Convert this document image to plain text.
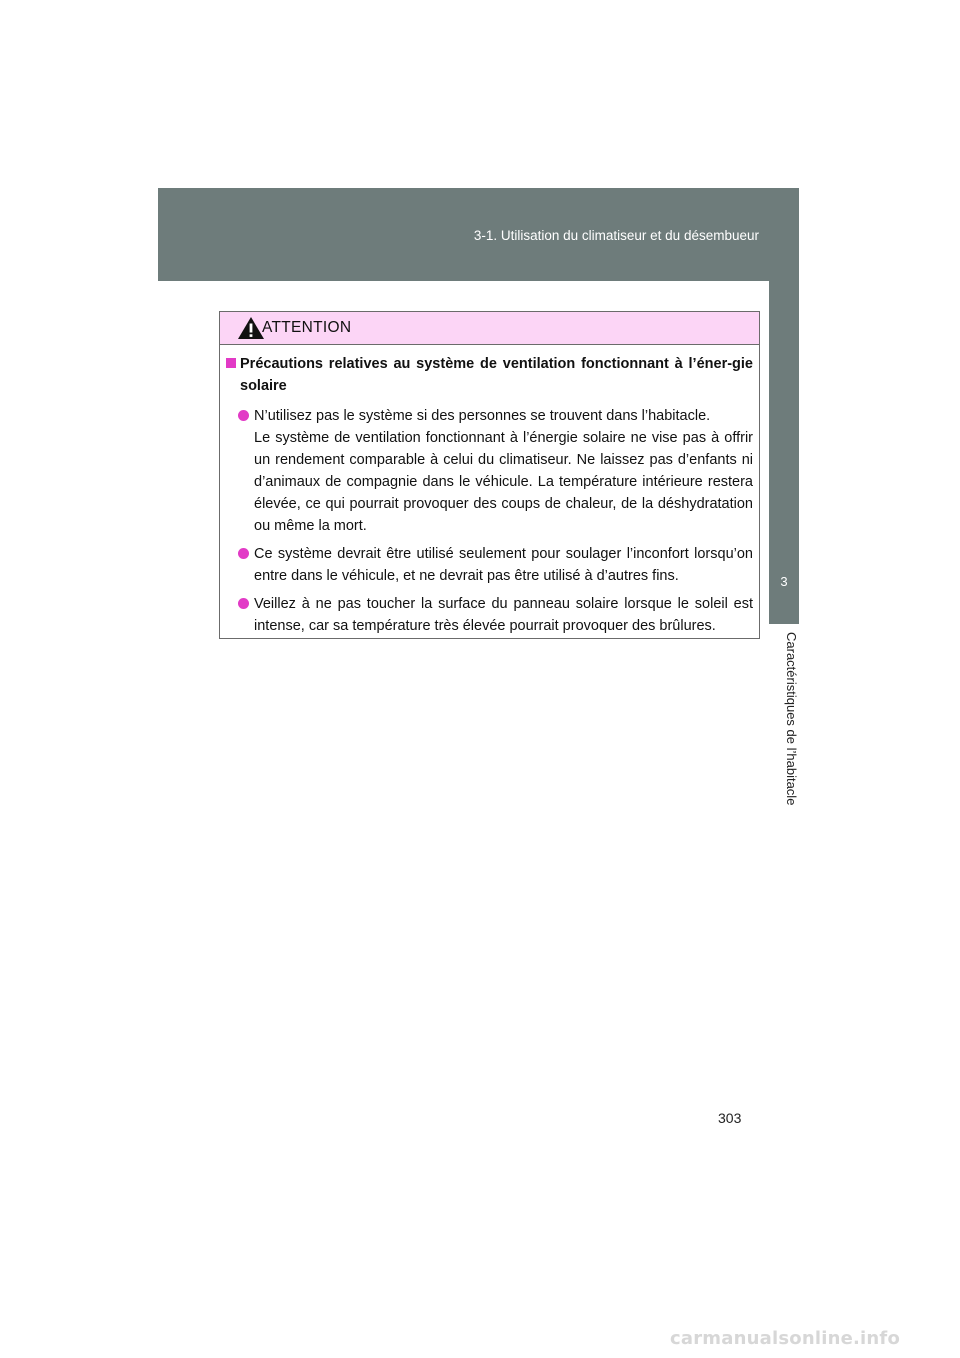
3-1. Utilisation du climatiseur et du désembueur
3
Caractéristiques de l’habitacle
ATTENTION
Précautions relatives au système de ventilation fonctionnant à l’éner-gie solaire
N’utilisez pas le système si des personnes se trouvent dans l’habitacle.
Le système de ventilation fonctionnant à l’énergie solaire ne vise pas à offrir un rendement comparable à celui du climatiseur. Ne laissez pas d’enfants ni d’animaux de compagnie dans le véhicule. La température intérieure restera élevée, ce qui pourrait provoquer des coups de chaleur, de la déshydratation ou même la mort.
Ce système devrait être utilisé seulement pour soulager l’inconfort lorsqu’on entre dans le véhicule, et ne devrait pas être utilisé à d’autres fins.
Veillez à ne pas toucher la surface du panneau solaire lorsque le soleil est intense, car sa température très élevée pourrait provoquer des brûlures.
303
carmanualsonline.info
